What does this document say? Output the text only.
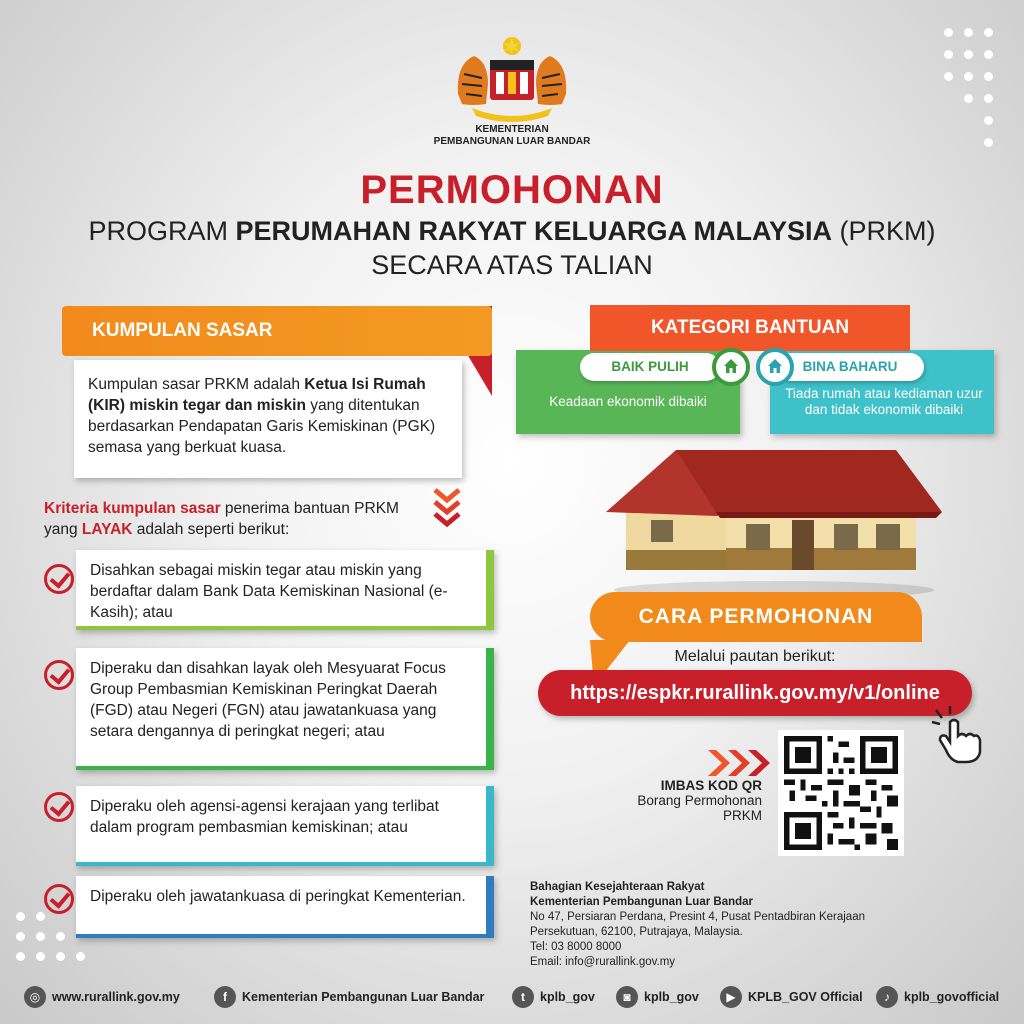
KEMENTERIAN
PEMBANGUNAN LUAR BANDAR
PERMOHONAN
PROGRAM PERUMAHAN RAKYAT KELUARGA MALAYSIA (PRKM)
SECARA ATAS TALIAN
KUMPULAN SASAR
Kumpulan sasar PRKM adalah Ketua Isi Rumah (KIR) miskin tegar dan miskin yang ditentukan berdasarkan Pendapatan Garis Kemiskinan (PGK) semasa yang berkuat kuasa.
Kriteria kumpulan sasar penerima bantuan PRKM yang LAYAK adalah seperti berikut:
Disahkan sebagai miskin tegar atau miskin yang berdaftar dalam Bank Data Kemiskinan Nasional (e-Kasih); atau
Diperaku dan disahkan layak oleh Mesyuarat Focus Group Pembasmian Kemiskinan Peringkat Daerah (FGD) atau Negeri (FGN) atau jawatankuasa yang setara dengannya di peringkat negeri; atau
Diperaku oleh agensi-agensi kerajaan yang terlibat dalam program pembasmian kemiskinan; atau
Diperaku oleh jawatankuasa di peringkat Kementerian.
KATEGORI BANTUAN
BAIK PULIH	BINA BAHARU
Keadaan ekonomik dibaiki
Tiada rumah atau kediaman uzur dan tidak ekonomik dibaiki
CARA PERMOHONAN
Melalui pautan berikut:
https://espkr.rurallink.gov.my/v1/online
IMBAS KOD QR
Borang Permohonan
PRKM
Bahagian Kesejahteraan Rakyat
Kementerian Pembangunan Luar Bandar
No 47, Persiaran Perdana, Presint 4, Pusat Pentadbiran Kerajaan
Persekutuan, 62100, Putrajaya, Malaysia.
Tel: 03 8000 8000
Email: info@rurallink.gov.my
◎ www.rurallink.gov.my	f	Kementerian Pembangunan Luar Bandar	t	kplb_gov	◙	kplb_gov	▶ KPLB_GOV Official	♪	kplb_govofficial
